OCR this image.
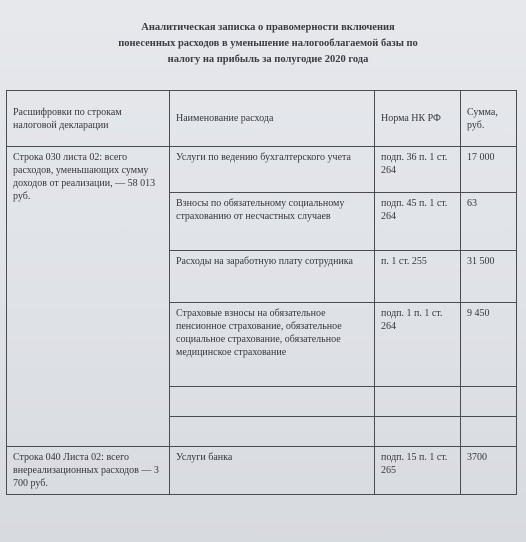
Аналитическая записка о правомерности включения
понесенных расходов в уменьшение налогооблагаемой базы по
налогу на прибыль за полугодие 2020 года
Расшифровки по строкам налоговой декларации	Наименование расхода	Норма НК РФ	Сумма, руб.
Строка 030 листа 02: всего расходов, уменьшающих сумму доходов от реализации, — 58 013 руб.	Услуги по ведению бухгалтерского учета	подп. 36 п. 1 ст. 264	17 000
	Взносы по обязательному социальному страхованию от несчастных случаев	подп. 45 п. 1 ст. 264	63
	Расходы на заработную плату сотрудника	п. 1 ст. 255	31 500
	Страховые взносы на обязательное пенсионное страхование, обязательное социальное страхование, обязательное медицинское страхование	подп. 1 п. 1 ст. 264	9 450

Строка 040 Листа 02: всего внереализационных расходов — 3 700 руб.	Услуги банка	подп. 15 п. 1 ст. 265	3700
